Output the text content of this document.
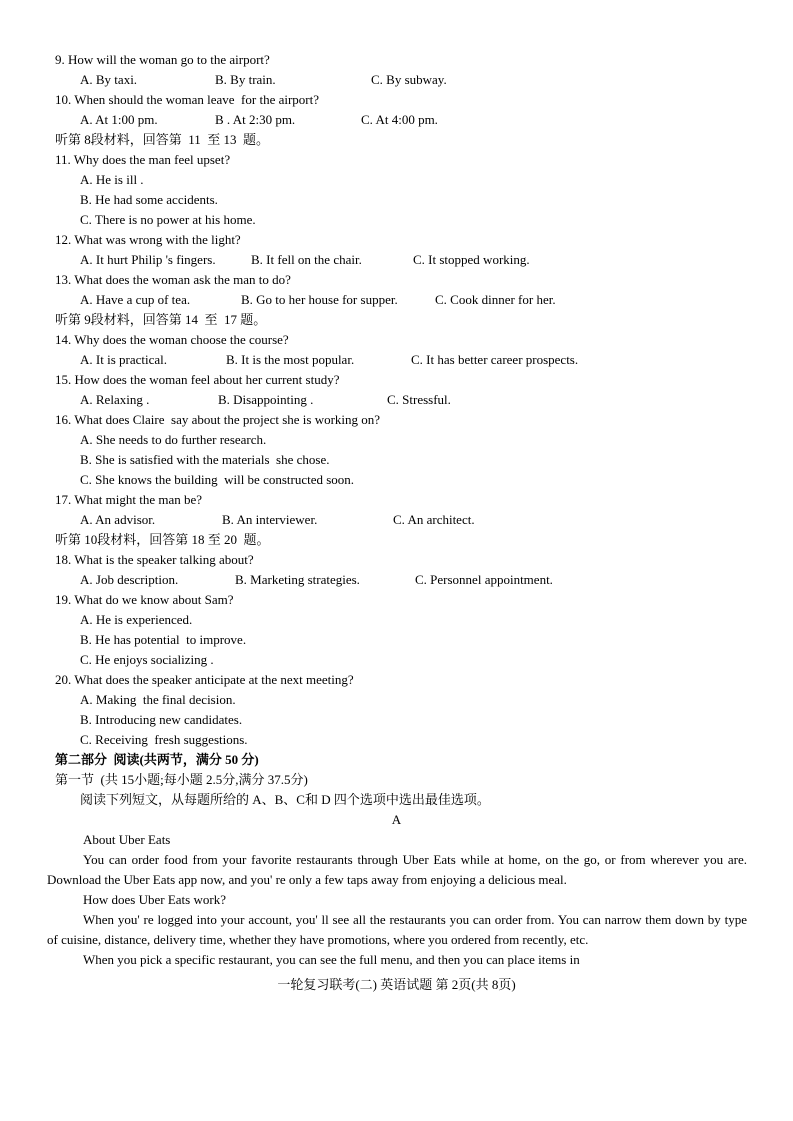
9. How will the woman go to the airport?
A. By taxi.	B. By train.	C. By subway.
10. When should the woman leave  for the airport?
A. At 1:00 pm.	B . At 2:30 pm.	C. At 4:00 pm.
听第 8段材料，回答第  11  至 13  题。
11. Why does the man feel upset?
A. He is ill .
B. He had some accidents.
C. There is no power at his home.
12. What was wrong with the light?
A. It hurt Philip 's fingers.	B. It fell on the chair.	C. It stopped working.
13. What does the woman ask the man to do?
A. Have a cup of tea.	B. Go to her house for supper.	C. Cook dinner for her.
听第 9段材料，回答第 14  至  17 题。
14. Why does the woman choose the course?
A. It is practical.	B. It is the most popular.	C. It has better career prospects.
15. How does the woman feel about her current study?
A. Relaxing .	B. Disappointing .	C. Stressful.
16. What does Claire  say about the project she is working on?
A. She needs to do further research.
B. She is satisfied with the materials  she chose.
C. She knows the building  will be constructed soon.
17. What might the man be?
A. An advisor.	B. An interviewer.	C. An architect.
听第 10段材料，回答第 18 至 20  题。
18. What is the speaker talking about?
A. Job description.	B. Marketing strategies.	C. Personnel appointment.
19. What do we know about Sam?
A. He is experienced.
B. He has potential  to improve.
C. He enjoys socializing .
20. What does the speaker anticipate at the next meeting?
A. Making  the final decision.
B. Introducing new candidates.
C. Receiving  fresh suggestions.
第二部分  阅读(共两节，满分 50 分)
第一节  (共 15小题;每小题 2.5分,满分 37.5分)
阅读下列短文，从每题所给的 A、B、C和 D 四个选项中选出最佳选项。
A
About Uber Eats
You can order food from your favorite restaurants through Uber Eats while at home, on the go, or from wherever you are. Download the Uber Eats app now, and you' re only a few taps away from enjoying a delicious meal.
How does Uber Eats work?
When you' re logged into your account, you' ll see all the restaurants you can order from. You can narrow them down by type of cuisine, distance, delivery time, whether they have promotions, where you ordered from recently, etc.
When you pick a specific restaurant, you can see the full menu, and then you can place items in
一轮复习联考(二) 英语试题 第 2页(共 8页)
